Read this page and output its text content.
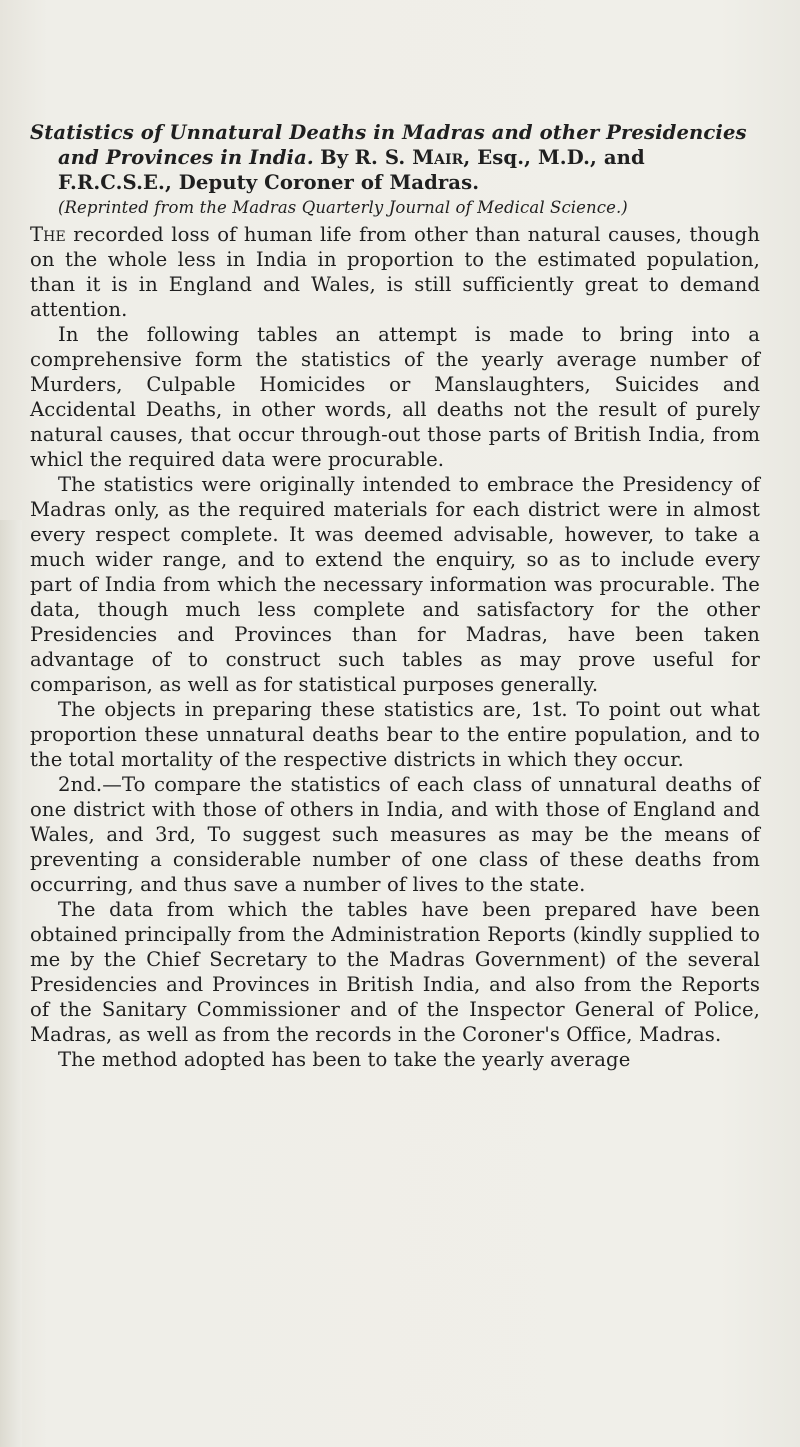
Statistics of Unnatural Deaths in Madras and other Presidencies and Provinces in India. By R. S. Mair, Esq., M.D., and F.R.C.S.E., Deputy Coroner of Madras.

(Reprinted from the Madras Quarterly Journal of Medical Science.)

The recorded loss of human life from other than natural causes, though on the whole less in India in proportion to the estimated population, than it is in England and Wales, is still sufficiently great to demand attention.

In the following tables an attempt is made to bring into a comprehensive form the statistics of the yearly average number of Murders, Culpable Homicides or Manslaughters, Suicides and Accidental Deaths, in other words, all deaths not the result of purely natural causes, that occur through-out those parts of British India, from whicl the required data were procurable.

The statistics were originally intended to embrace the Presidency of Madras only, as the required materials for each district were in almost every respect complete. It was deemed advisable, however, to take a much wider range, and to extend the enquiry, so as to include every part of India from which the necessary information was procurable. The data, though much less complete and satisfactory for the other Presidencies and Provinces than for Madras, have been taken advantage of to construct such tables as may prove useful for comparison, as well as for statistical purposes generally.

The objects in preparing these statistics are, 1st. To point out what proportion these unnatural deaths bear to the entire population, and to the total mortality of the respective districts in which they occur.

2nd.—To compare the statistics of each class of unnatural deaths of one district with those of others in India, and with those of England and Wales, and 3rd, To suggest such measures as may be the means of preventing a considerable number of one class of these deaths from occurring, and thus save a number of lives to the state.

The data from which the tables have been prepared have been obtained principally from the Administration Reports (kindly supplied to me by the Chief Secretary to the Madras Government) of the several Presidencies and Provinces in British India, and also from the Reports of the Sanitary Commissioner and of the Inspector General of Police, Madras, as well as from the records in the Coroner's Office, Madras.

The method adopted has been to take the yearly average
